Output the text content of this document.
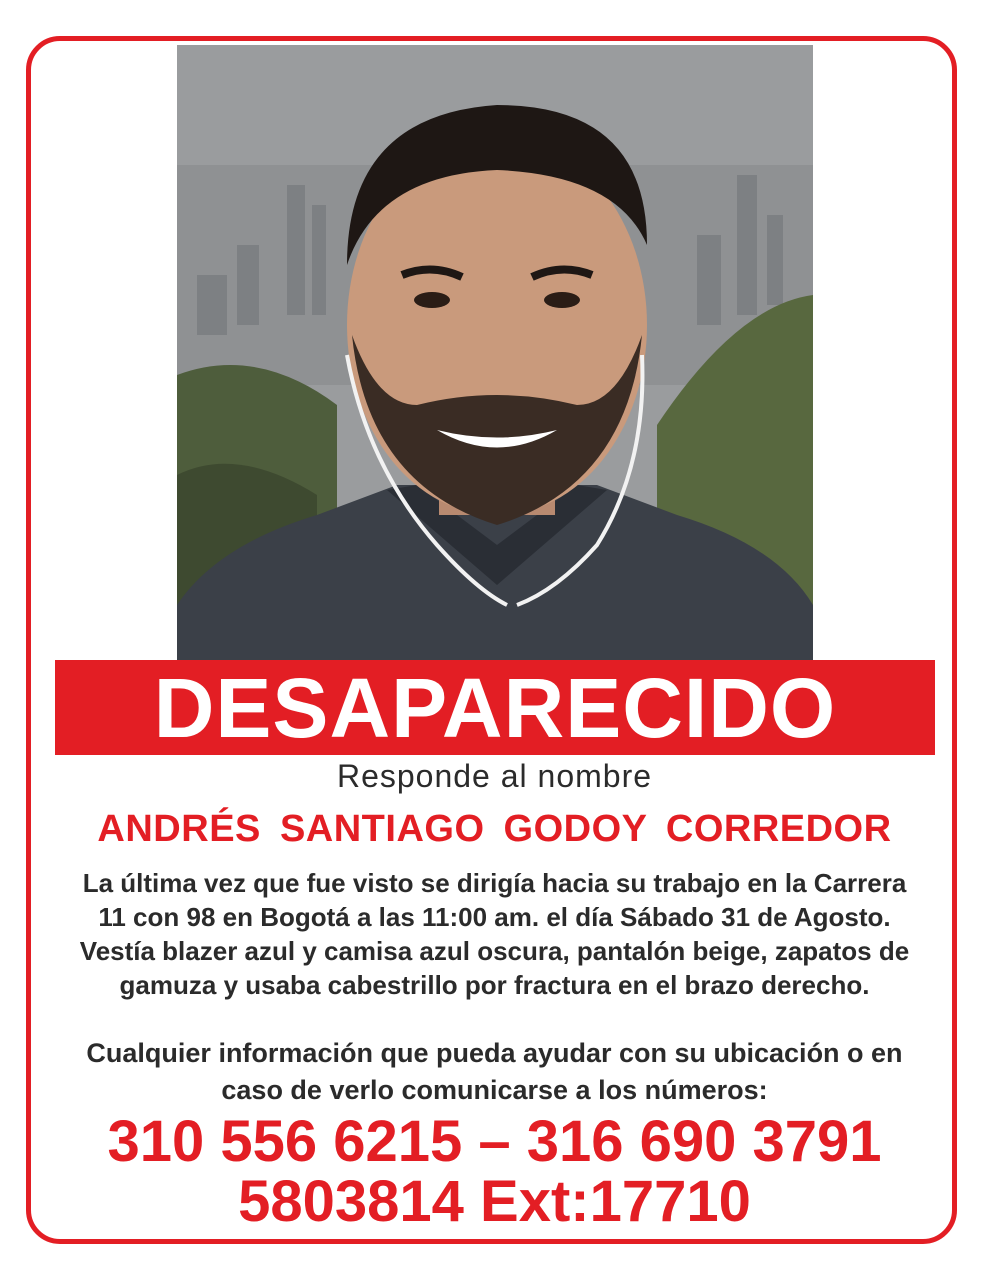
DESAPARECIDO

Responde al nombre

ANDRÉS SANTIAGO GODOY CORREDOR

La última vez que fue visto se dirigía hacia su trabajo en la Carrera
11 con 98 en Bogotá a las 11:00 am. el día Sábado 31 de Agosto.
Vestía blazer azul y camisa azul oscura, pantalón beige, zapatos de
gamuza y usaba cabestrillo por fractura en el brazo derecho.

Cualquier información que pueda ayudar con su ubicación o en
caso de verlo comunicarse a los números:

310 556 6215 – 316 690 3791

5803814 Ext:17710
